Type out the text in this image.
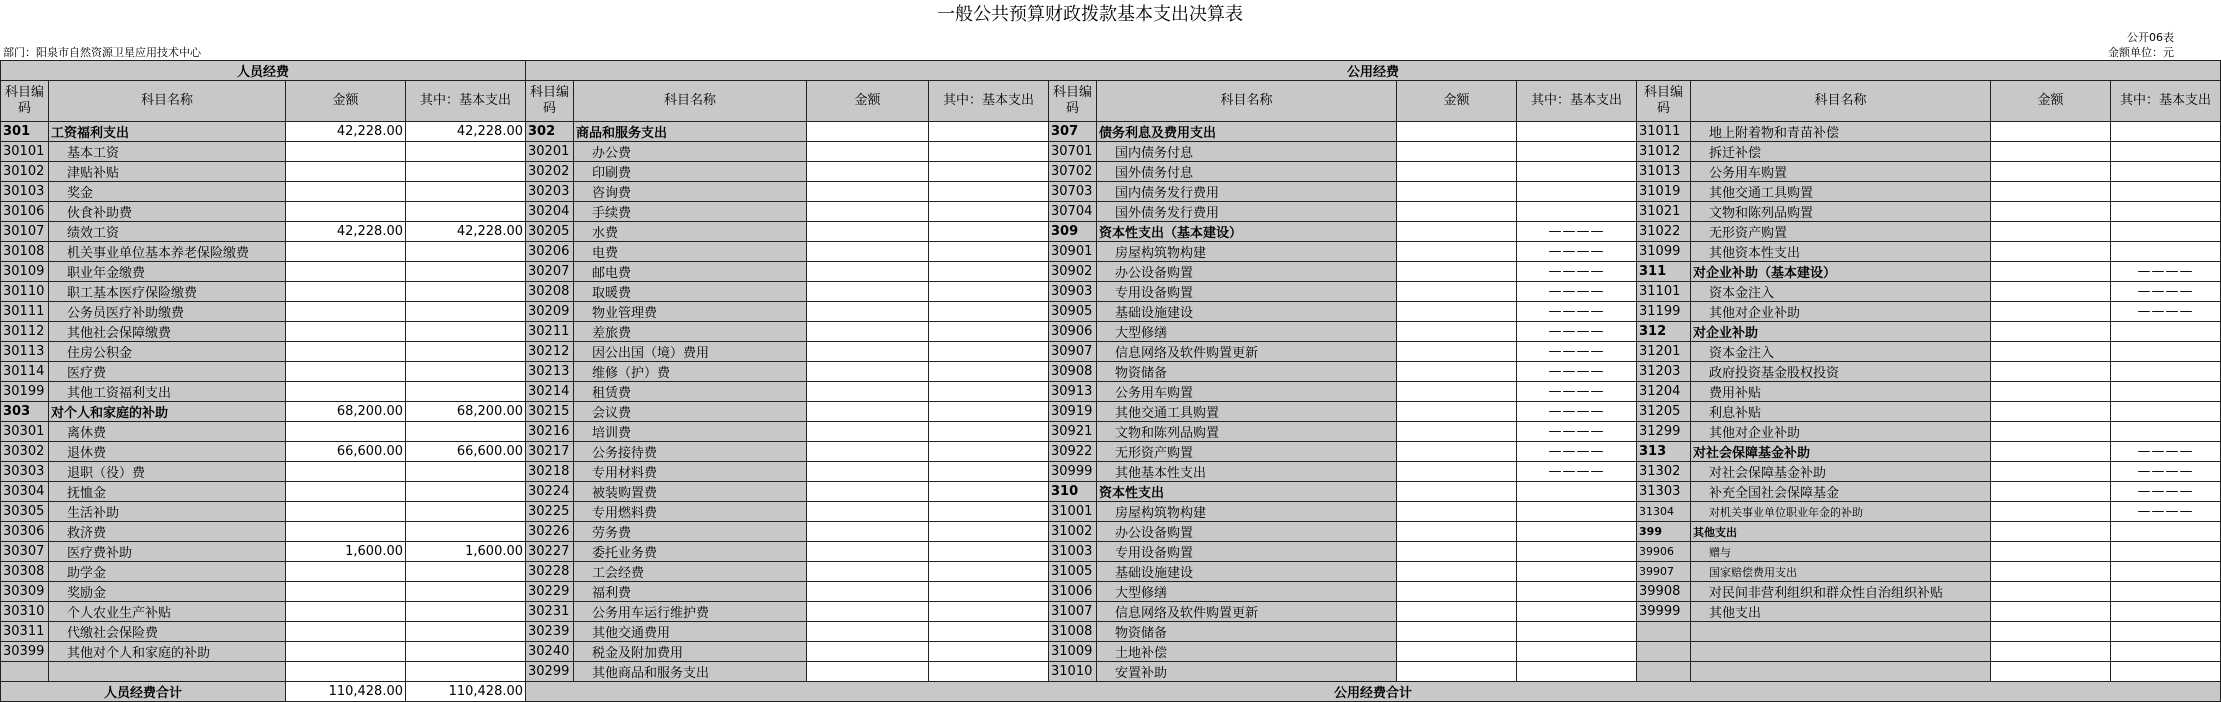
一般公共预算财政拨款基本支出决算表
公开06表
部门：阳泉市自然资源卫星应用技术中心	金额单位：元
人员经费				公用经费											
科目编码	科目名称	金额	其中：基本支出	科目编码	科目名称	金额	其中：基本支出	科目编码	科目名称	金额	其中：基本支出	科目编码	科目名称	金额	其中：基本支出
301	工资福利支出	42,228.00	42,228.00	302	商品和服务支出			307	债务利息及费用支出			31011	地上附着物和青苗补偿		
30101	基本工资			30201	办公费			30701	国内债务付息			31012	拆迁补偿		
30102	津贴补贴			30202	印刷费			30702	国外债务付息			31013	公务用车购置		
30103	奖金			30203	咨询费			30703	国内债务发行费用			31019	其他交通工具购置		
30106	伙食补助费			30204	手续费			30704	国外债务发行费用			31021	文物和陈列品购置		
30107	绩效工资	42,228.00	42,228.00	30205	水费			309	资本性支出（基本建设）		————	31022	无形资产购置		
30108	机关事业单位基本养老保险缴费			30206	电费			30901	房屋构筑物构建		————	31099	其他资本性支出		
30109	职业年金缴费			30207	邮电费			30902	办公设备购置		————	311	对企业补助（基本建设）		————
30110	职工基本医疗保险缴费			30208	取暖费			30903	专用设备购置		————	31101	资本金注入		————
30111	公务员医疗补助缴费			30209	物业管理费			30905	基础设施建设		————	31199	其他对企业补助		————
30112	其他社会保障缴费			30211	差旅费			30906	大型修缮		————	312	对企业补助		
30113	住房公积金			30212	因公出国（境）费用			30907	信息网络及软件购置更新		————	31201	资本金注入		
30114	医疗费			30213	维修（护）费			30908	物资储备		————	31203	政府投资基金股权投资		
30199	其他工资福利支出			30214	租赁费			30913	公务用车购置		————	31204	费用补贴		
303	对个人和家庭的补助	68,200.00	68,200.00	30215	会议费			30919	其他交通工具购置		————	31205	利息补贴		
30301	离休费			30216	培训费			30921	文物和陈列品购置		————	31299	其他对企业补助		
30302	退休费	66,600.00	66,600.00	30217	公务接待费			30922	无形资产购置		————	313	对社会保障基金补助		————
30303	退职（役）费			30218	专用材料费			30999	其他基本性支出		————	31302	对社会保障基金补助		————
30304	抚恤金			30224	被装购置费			310	资本性支出			31303	补充全国社会保障基金		————
30305	生活补助			30225	专用燃料费			31001	房屋构筑物构建			31304	对机关事业单位职业年金的补助		————
30306	救济费			30226	劳务费			31002	办公设备购置			399	其他支出		
30307	医疗费补助	1,600.00	1,600.00	30227	委托业务费			31003	专用设备购置			39906	赠与		
30308	助学金			30228	工会经费			31005	基础设施建设			39907	国家赔偿费用支出		
30309	奖励金			30229	福利费			31006	大型修缮			39908	对民间非营利组织和群众性自治组织补贴		
30310	个人农业生产补贴			30231	公务用车运行维护费			31007	信息网络及软件购置更新			39999	其他支出		
30311	代缴社会保险费			30239	其他交通费用			31008	物资储备						
30399	其他对个人和家庭的补助			30240	税金及附加费用			31009	土地补偿						
				30299	其他商品和服务支出			31010	安置补助						
人员经费合计		110,428.00	110,428.00	公用经费合计											
